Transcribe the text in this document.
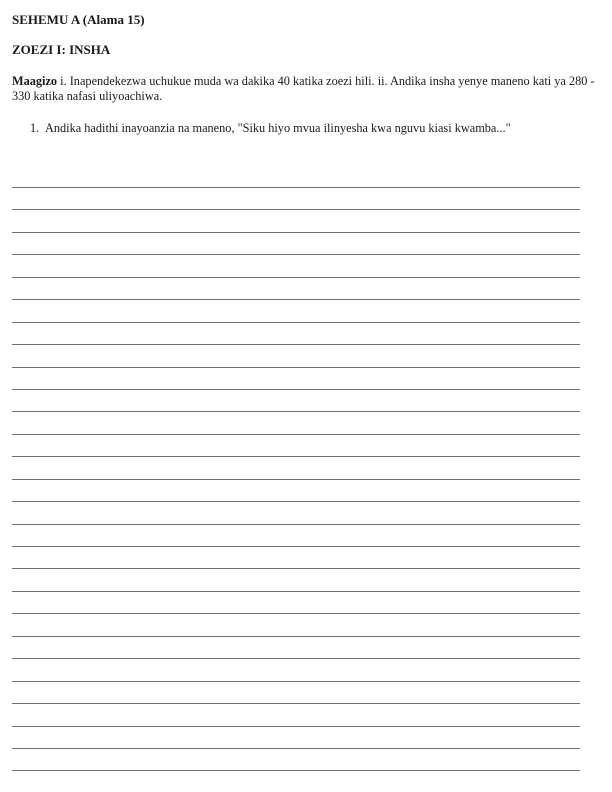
SEHEMU A (Alama 15)
ZOEZI I: INSHA
Maagizo i. Inapendekezwa uchukue muda wa dakika 40 katika zoezi hili. ii. Andika insha yenye maneno kati ya 280 - 330 katika nafasi uliyoachiwa.
1. Andika hadithi inayoanzia na maneno, "Siku hiyo mvua ilinyesha kwa nguvu kiasi kwamba..."
